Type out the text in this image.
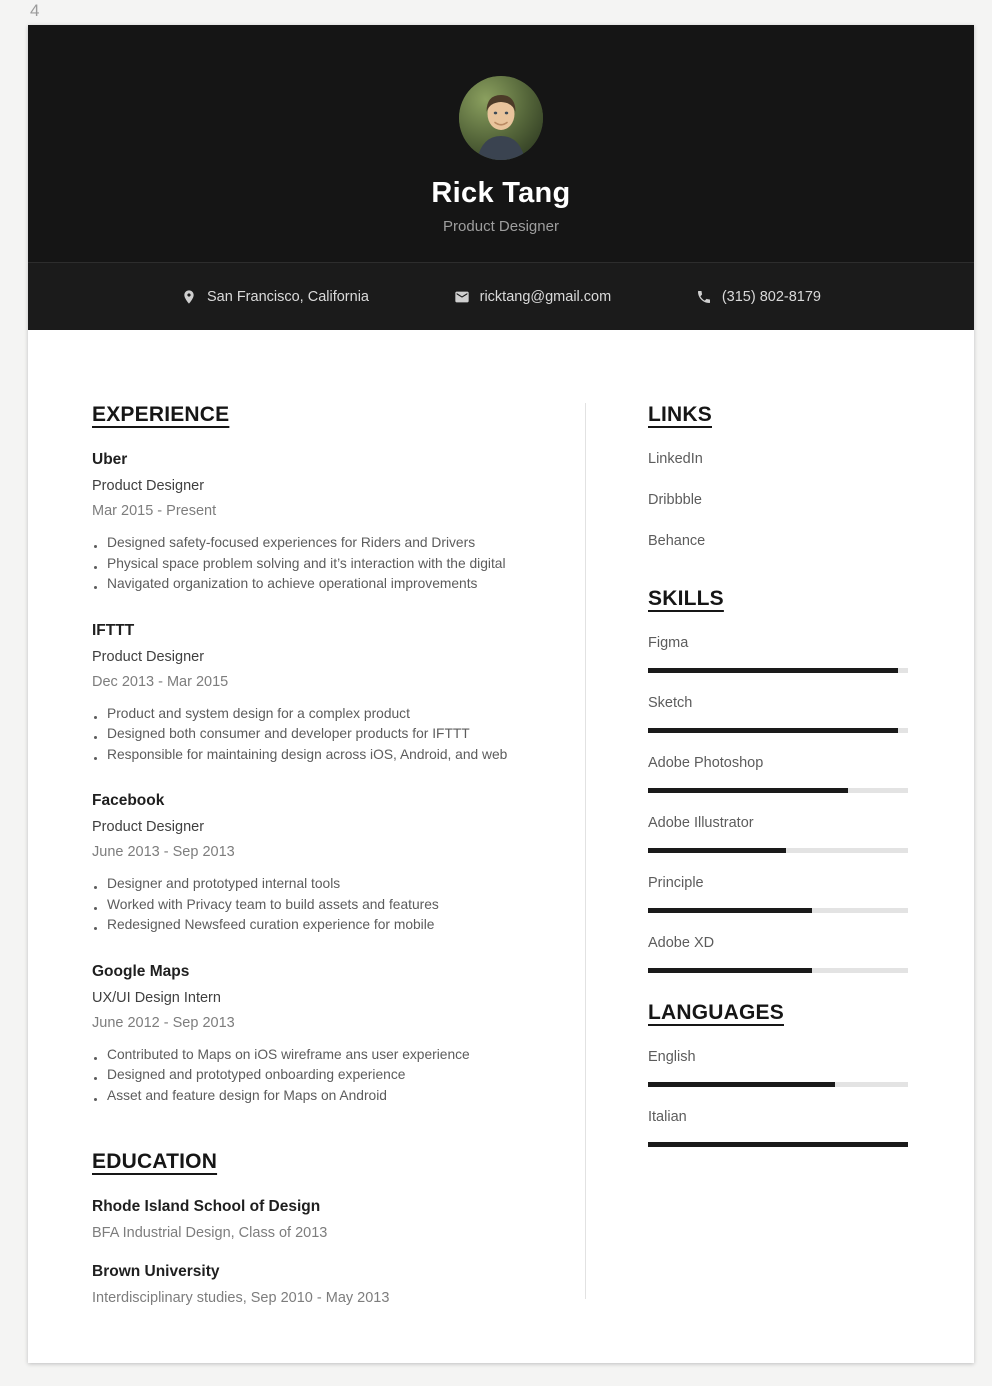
4
Rick Tang
Product Designer
San Francisco, California	ricktang@gmail.com	(315) 802-8179
EXPERIENCE
Uber
Product Designer
Mar 2015 - Present
Designed safety-focused experiences for Riders and Drivers
Physical space problem solving and it’s interaction with the digital
Navigated organization to achieve operational improvements
IFTTT
Product Designer
Dec 2013 - Mar 2015
Product and system design for a complex product
Designed both consumer and developer products for IFTTT
Responsible for maintaining design across iOS, Android, and web
Facebook
Product Designer
June 2013 - Sep 2013
Designer and prototyped internal tools
Worked with Privacy team to build assets and features
Redesigned Newsfeed curation experience for mobile
Google Maps
UX/UI Design Intern
June 2012 - Sep 2013
Contributed to Maps on iOS wireframe ans user experience
Designed and prototyped onboarding experience
Asset and feature design for Maps on Android
EDUCATION
Rhode Island School of Design
BFA Industrial Design, Class of 2013
Brown University
Interdisciplinary studies, Sep 2010 - May 2013
LINKS
LinkedIn
Dribbble
Behance
SKILLS
Figma
Sketch
Adobe Photoshop
Adobe Illustrator
Principle
Adobe XD
LANGUAGES
English
Italian
